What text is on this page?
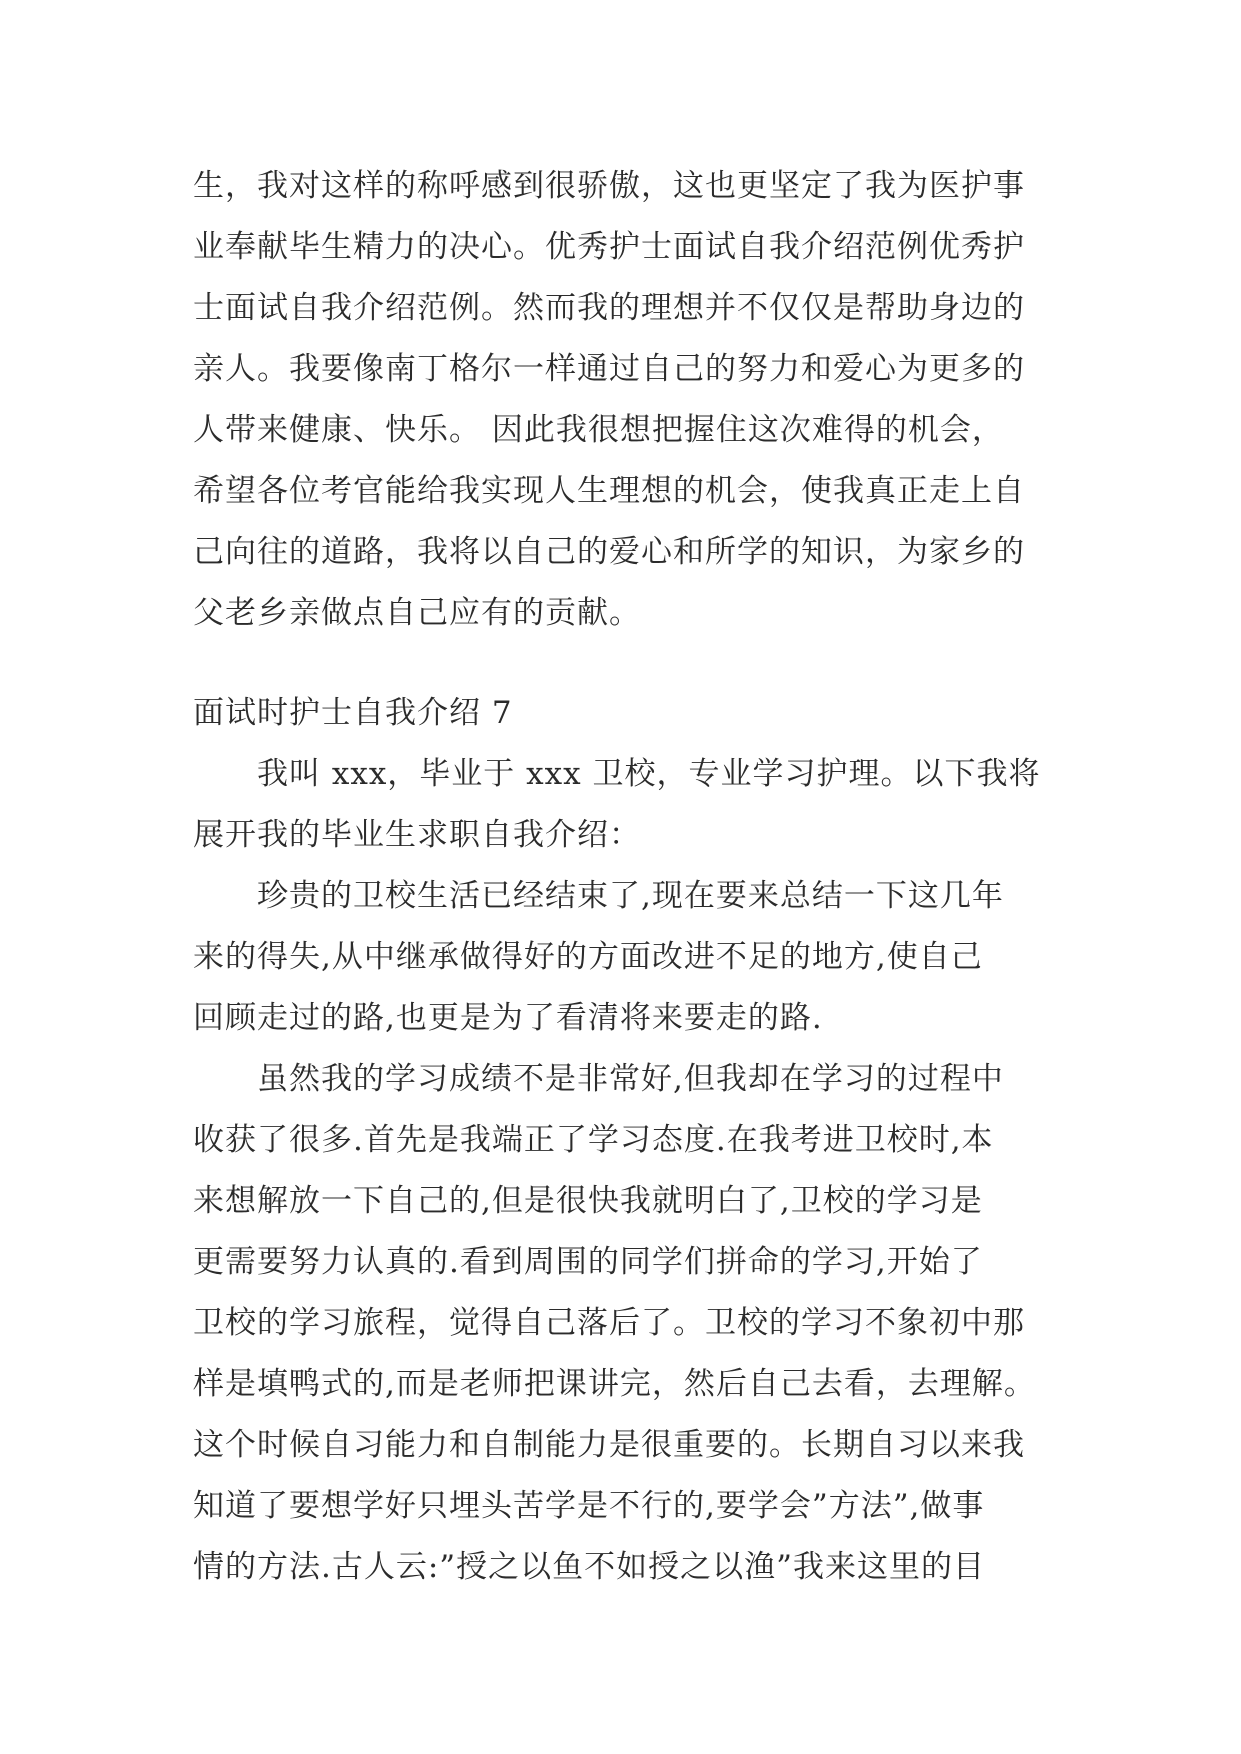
生，我对这样的称呼感到很骄傲，这也更坚定了我为医护事
业奉献毕生精力的决心。优秀护士面试自我介绍范例优秀护
士面试自我介绍范例。然而我的理想并不仅仅是帮助身边的
亲人。我要像南丁格尔一样通过自己的努力和爱心为更多的
人带来健康、快乐。 因此我很想把握住这次难得的机会，
希望各位考官能给我实现人生理想的机会，使我真正走上自
己向往的道路，我将以自己的爱心和所学的知识，为家乡的
父老乡亲做点自己应有的贡献。
面试时护士自我介绍 7
　　我叫 xxx，毕业于 xxx 卫校，专业学习护理。以下我将
展开我的毕业生求职自我介绍：
　　珍贵的卫校生活已经结束了,现在要来总结一下这几年
来的得失,从中继承做得好的方面改进不足的地方,使自己
回顾走过的路,也更是为了看清将来要走的路.
　　虽然我的学习成绩不是非常好,但我却在学习的过程中
收获了很多.首先是我端正了学习态度.在我考进卫校时,本
来想解放一下自己的,但是很快我就明白了,卫校的学习是
更需要努力认真的.看到周围的同学们拼命的学习,开始了
卫校的学习旅程，觉得自己落后了。卫校的学习不象初中那
样是填鸭式的,而是老师把课讲完，然后自己去看，去理解。
这个时候自习能力和自制能力是很重要的。长期自习以来我
知道了要想学好只埋头苦学是不行的,要学会”方法”,做事
情的方法.古人云:”授之以鱼不如授之以渔”我来这里的目
